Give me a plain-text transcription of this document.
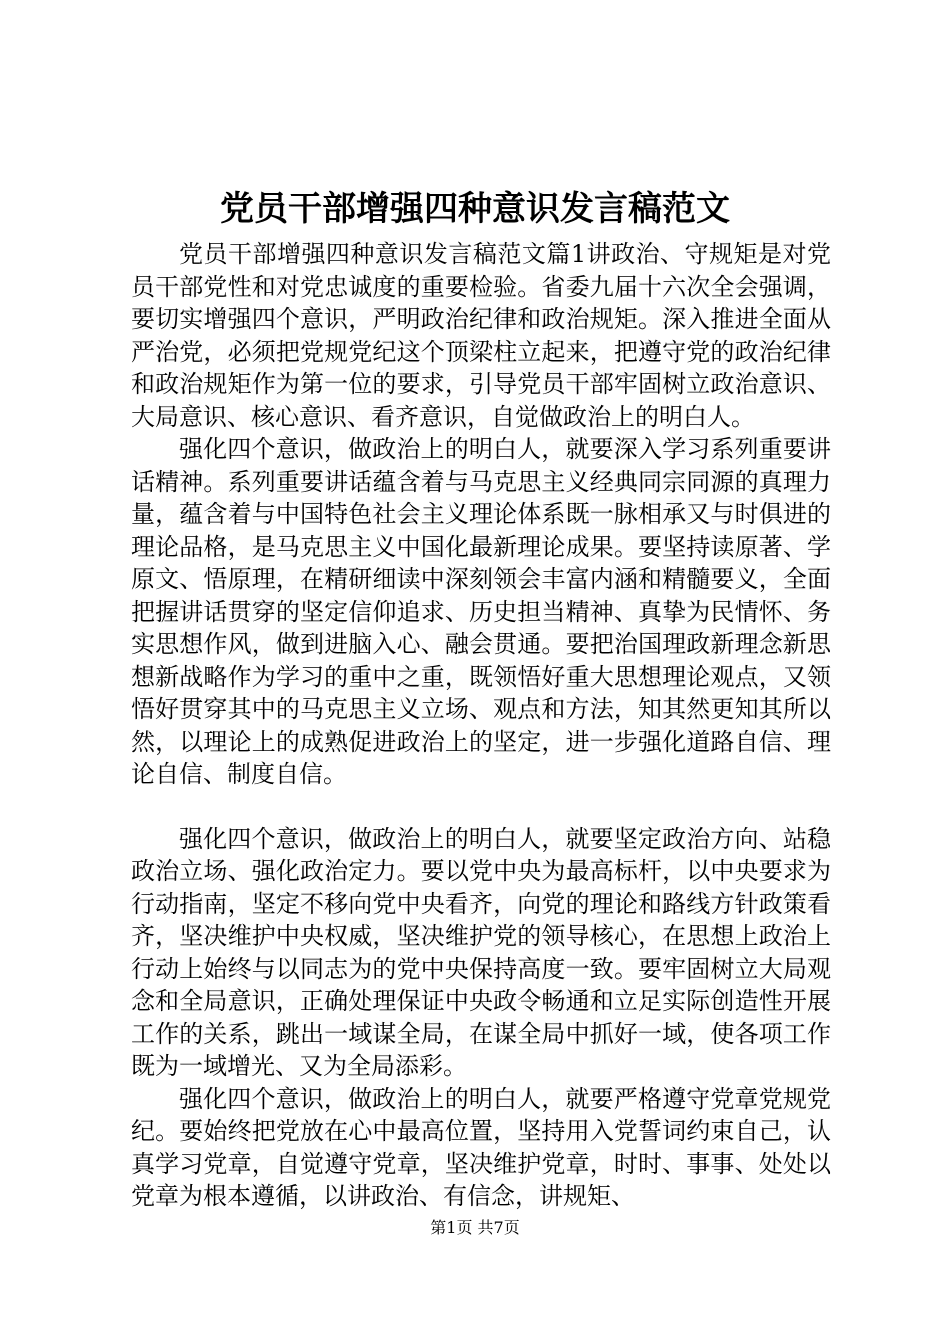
党员干部增强四种意识发言稿范文

党员干部增强四种意识发言稿范文篇1讲政治、守规矩是对党员干部党性和对党忠诚度的重要检验。省委九届十六次全会强调，要切实增强四个意识，严明政治纪律和政治规矩。深入推进全面从严治党，必须把党规党纪这个顶梁柱立起来，把遵守党的政治纪律和政治规矩作为第一位的要求，引导党员干部牢固树立政治意识、大局意识、核心意识、看齐意识，自觉做政治上的明白人。

强化四个意识，做政治上的明白人，就要深入学习系列重要讲话精神。系列重要讲话蕴含着与马克思主义经典同宗同源的真理力量，蕴含着与中国特色社会主义理论体系既一脉相承又与时俱进的理论品格，是马克思主义中国化最新理论成果。要坚持读原著、学原文、悟原理，在精研细读中深刻领会丰富内涵和精髓要义，全面把握讲话贯穿的坚定信仰追求、历史担当精神、真挚为民情怀、务实思想作风，做到进脑入心、融会贯通。要把治国理政新理念新思想新战略作为学习的重中之重，既领悟好重大思想理论观点，又领悟好贯穿其中的马克思主义立场、观点和方法，知其然更知其所以然，以理论上的成熟促进政治上的坚定，进一步强化道路自信、理论自信、制度自信。

强化四个意识，做政治上的明白人，就要坚定政治方向、站稳政治立场、强化政治定力。要以党中央为最高标杆，以中央要求为行动指南，坚定不移向党中央看齐，向党的理论和路线方针政策看齐，坚决维护中央权威，坚决维护党的领导核心，在思想上政治上行动上始终与以同志为的党中央保持高度一致。要牢固树立大局观念和全局意识，正确处理保证中央政令畅通和立足实际创造性开展工作的关系，跳出一域谋全局，在谋全局中抓好一域，使各项工作既为一域增光、又为全局添彩。

强化四个意识，做政治上的明白人，就要严格遵守党章党规党纪。要始终把党放在心中最高位置，坚持用入党誓词约束自己，认真学习党章，自觉遵守党章，坚决维护党章，时时、事事、处处以党章为根本遵循，以讲政治、有信念，讲规矩、

第1页 共7页
